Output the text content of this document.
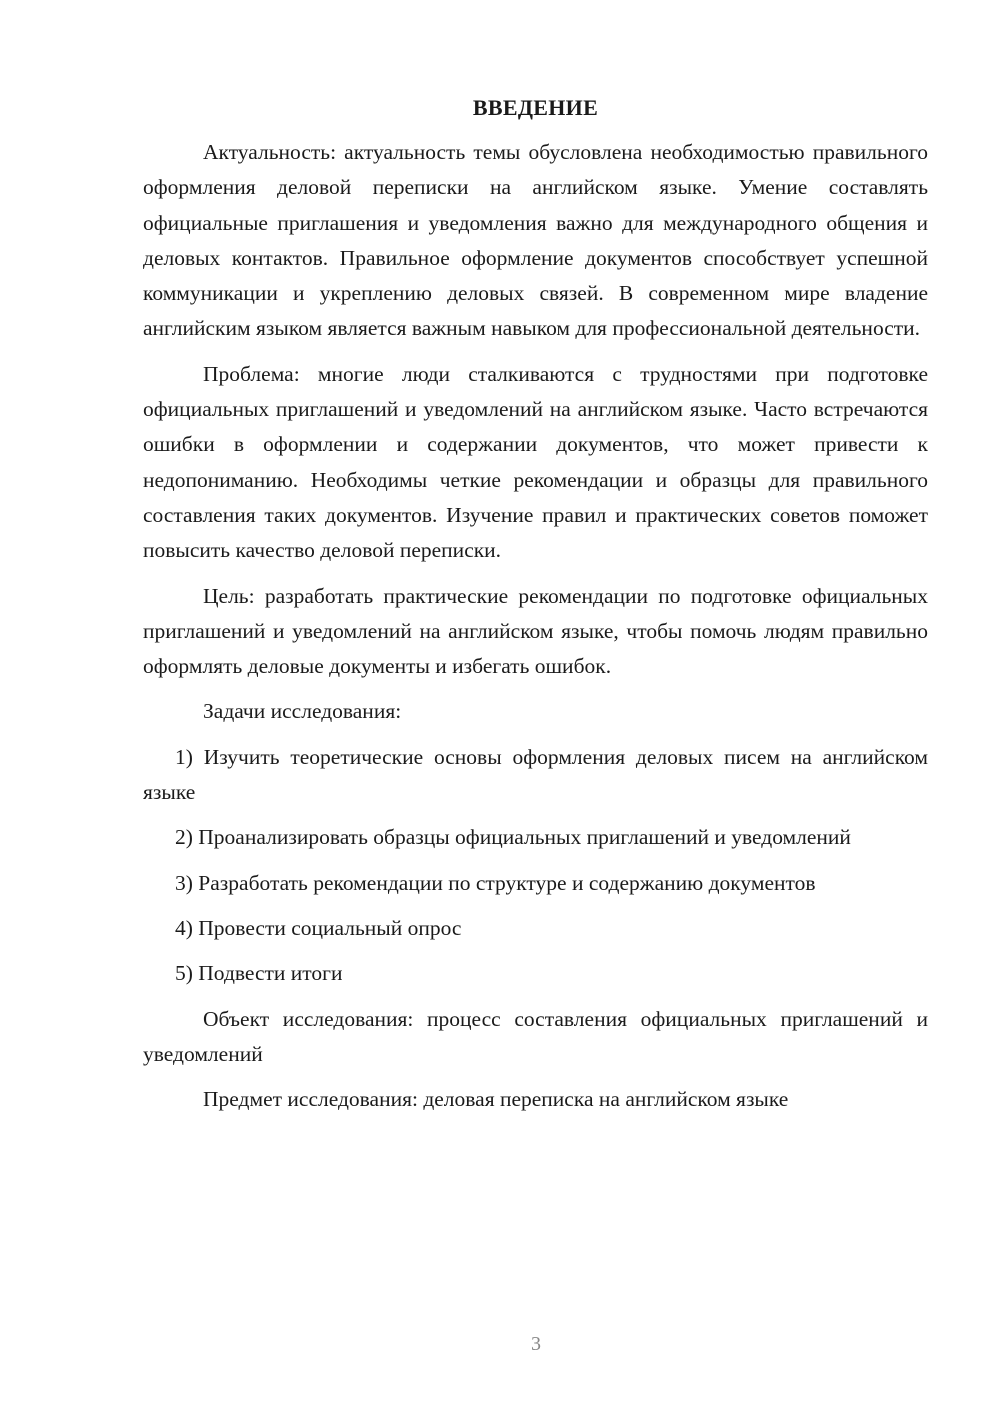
ВВЕДЕНИЕ

Актуальность: актуальность темы обусловлена необходимостью правильного оформления деловой переписки на английском языке. Умение составлять официальные приглашения и уведомления важно для международного общения и деловых контактов. Правильное оформление документов способствует успешной коммуникации и укреплению деловых связей. В современном мире владение английским языком является важным навыком для профессиональной деятельности.

Проблема: многие люди сталкиваются с трудностями при подготовке официальных приглашений и уведомлений на английском языке. Часто встречаются ошибки в оформлении и содержании документов, что может привести к недопониманию. Необходимы четкие рекомендации и образцы для правильного составления таких документов. Изучение правил и практических советов поможет повысить качество деловой переписки.

Цель: разработать практические рекомендации по подготовке официальных приглашений и уведомлений на английском языке, чтобы помочь людям правильно оформлять деловые документы и избегать ошибок.

Задачи исследования:

1) Изучить теоретические основы оформления деловых писем на английском языке

2) Проанализировать образцы официальных приглашений и уведомлений

3) Разработать рекомендации по структуре и содержанию документов

4) Провести социальный опрос

5) Подвести итоги

Объект исследования: процесс составления официальных приглашений и уведомлений

Предмет исследования: деловая переписка на английском языке

3
